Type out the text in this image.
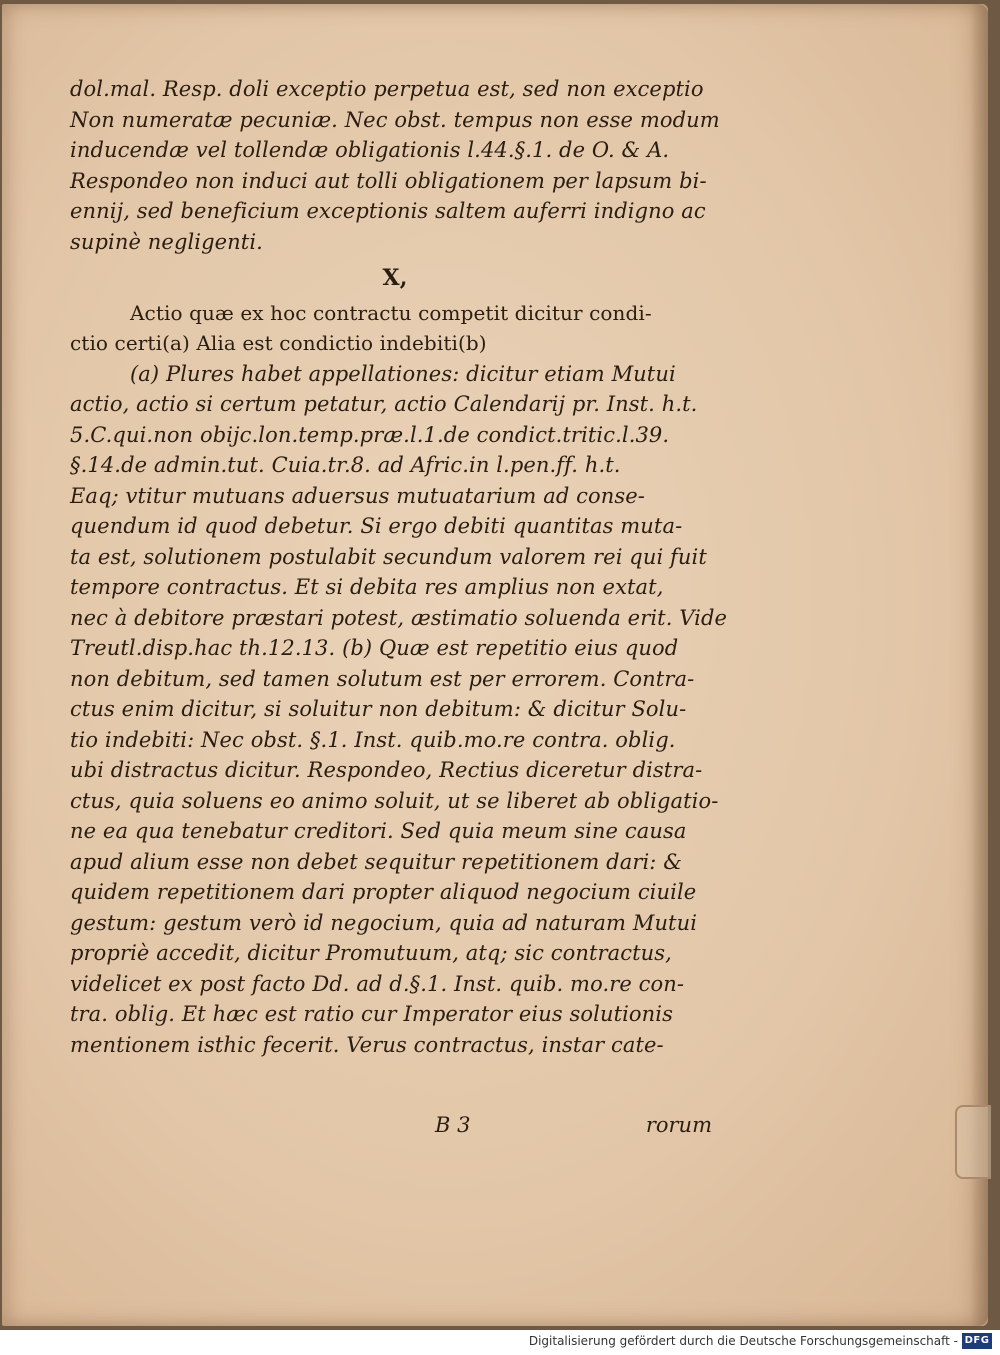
dol.mal. Resp. doli exceptio perpetua est, sed non exceptio
Non numeratæ pecuniæ. Nec obst. tempus non esse modum
inducendæ vel tollendæ obligationis l.44.§.1. de O. & A.
Respondeo non induci aut tolli obligationem per lapsum bi-
ennij, sed beneficium exceptionis saltem auferri indigno ac
supinè negligenti.
X,
Actio quæ ex hoc contractu competit dicitur condi-
ctio certi(a) Alia est condictio indebiti(b)
(a) Plures habet appellationes: dicitur etiam Mutui
actio, actio si certum petatur, actio Calendarij pr. Inst. h.t.
5.C.qui.non obijc.lon.temp.præ.l.1.de condict.tritic.l.39.
§.14.de admin.tut. Cuia.tr.8. ad Afric.in l.pen.ff. h.t.
Eaq; vtitur mutuans aduersus mutuatarium ad conse-
quendum id quod debetur. Si ergo debiti quantitas muta-
ta est, solutionem postulabit secundum valorem rei qui fuit
tempore contractus. Et si debita res amplius non extat,
nec à debitore præstari potest, æstimatio soluenda erit. Vide
Treutl.disp.hac th.12.13. (b) Quæ est repetitio eius quod
non debitum, sed tamen solutum est per errorem. Contra-
ctus enim dicitur, si soluitur non debitum: & dicitur Solu-
tio indebiti: Nec obst. §.1. Inst. quib.mo.re contra. oblig.
ubi distractus dicitur. Respondeo, Rectius diceretur distra-
ctus, quia soluens eo animo soluit, ut se liberet ab obligatio-
ne ea qua tenebatur creditori. Sed quia meum sine causa
apud alium esse non debet sequitur repetitionem dari: &
quidem repetitionem dari propter aliquod negocium ciuile
gestum: gestum verò id negocium, quia ad naturam Mutui
propriè accedit, dicitur Promutuum, atq; sic contractus,
videlicet ex post facto Dd. ad d.§.1. Inst. quib. mo.re con-
tra. oblig. Et hæc est ratio cur Imperator eius solutionis
mentionem isthic fecerit. Verus contractus, instar cate-
B 3	rorum
Digitalisierung gefördert durch die Deutsche Forschungsgemeinschaft - DFG
